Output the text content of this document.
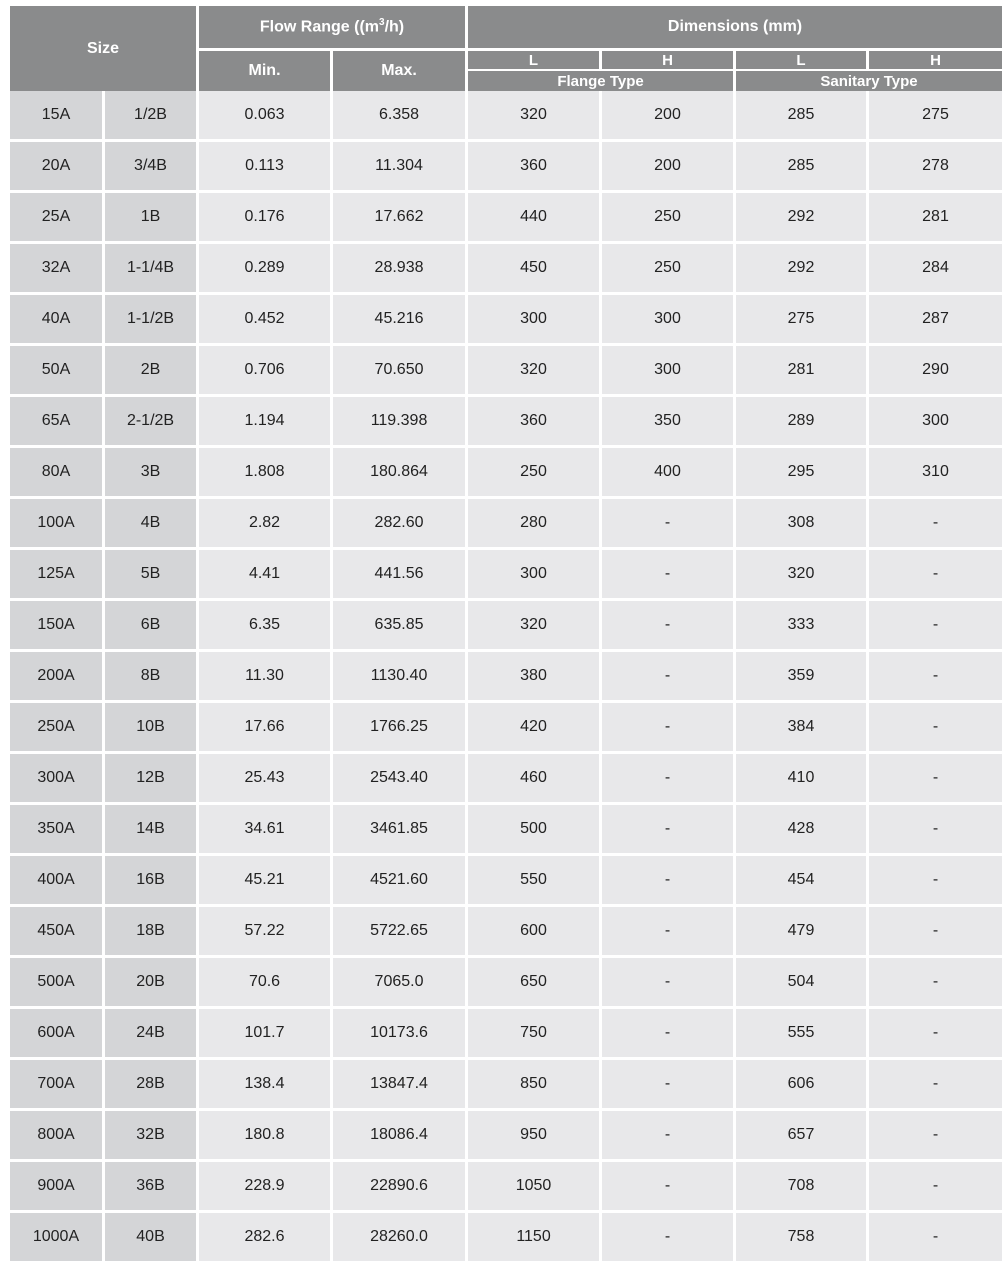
Size		Flow Range ($(m^3/h)$		Dimensions (mm)			
		Min.	Max.	L	H	L	H
				Flange Type		Sanitary Type	
15A	1/2B	0.063	6.358	320	200	285	275
20A	3/4B	0.113	11.304	360	200	285	278
25A	1B	0.176	17.662	440	250	292	281
32A	1-1/4B	0.289	28.938	450	250	292	284
40A	1-1/2B	0.452	45.216	300	300	275	287
50A	2B	0.706	70.650	320	300	281	290
65A	2-1/2B	1.194	119.398	360	350	289	300
80A	3B	1.808	180.864	250	400	295	310
100A	4B	2.82	282.60	280	-	308	-
125A	5B	4.41	441.56	300	-	320	-
150A	6B	6.35	635.85	320	-	333	-
200A	8B	11.30	1130.40	380	-	359	-
250A	10B	17.66	1766.25	420	-	384	-
300A	12B	25.43	2543.40	460	-	410	-
350A	14B	34.61	3461.85	500	-	428	-
400A	16B	45.21	4521.60	550	-	454	-
450A	18B	57.22	5722.65	600	-	479	-
500A	20B	70.6	7065.0	650	-	504	-
600A	24B	101.7	10173.6	750	-	555	-
700A	28B	138.4	13847.4	850	-	606	-
800A	32B	180.8	18086.4	950	-	657	-
900A	36B	228.9	22890.6	1050	-	708	-
1000A	40B	282.6	28260.0	1150	-	758	-
